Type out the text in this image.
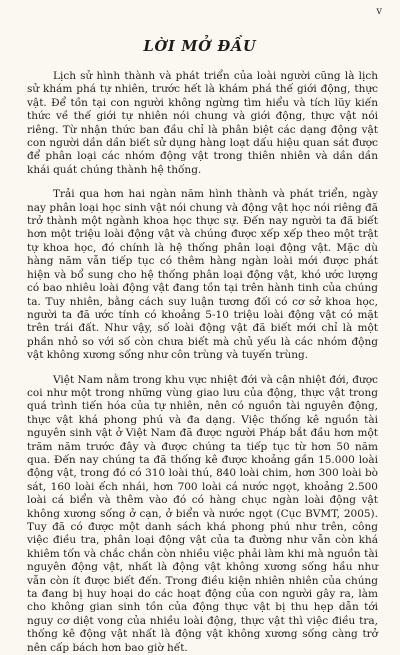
v
LỜI MỞ ĐẦU

Lịch sử hình thành và phát triển của loài người cũng là lịch sử khám phá tự nhiên, trước hết là khám phá thế giới động, thực vật. Để tồn tại con người không ngừng tìm hiểu và tích lũy kiến thức về thế giới tự nhiên nói chung và giới động, thực vật nói riêng. Từ nhận thức ban đầu chỉ là phân biệt các dạng động vật con người dần dần biết sử dụng hàng loạt dấu hiệu quan sát được để phân loại các nhóm động vật trong thiên nhiên và dần dần khái quát chúng thành hệ thống.

Trải qua hơn hai ngàn năm hình thành và phát triển, ngày nay phân loại học sinh vật nói chung và động vật học nói riêng đã trở thành một ngành khoa học thực sự. Đến nay người ta đã biết hơn một triệu loài động vật và chúng được xếp xếp theo một trật tự khoa học, đó chính là hệ thống phân loại động vật. Mặc dù hàng năm vẫn tiếp tục có thêm hàng ngàn loài mới được phát hiện và bổ sung cho hệ thống phân loại động vật, khó ước lượng có bao nhiêu loài động vật đang tồn tại trên hành tinh của chúng ta. Tuy nhiên, bằng cách suy luận tương đối có cơ sở khoa học, người ta đã ước tính có khoảng 5-10 triệu loài động vật có mặt trên trái đất. Như vậy, số loài động vật đã biết mới chỉ là một phần nhỏ so với số còn chưa biết mà chủ yếu là các nhóm động vật không xương sống như côn trùng và tuyến trùng.

Việt Nam nằm trong khu vực nhiệt đới và cận nhiệt đới, được coi như một trong những vùng giao lưu của động, thực vật trong quá trình tiến hóa của tự nhiên, nên có nguồn tài nguyên động, thực vật khá phong phú và đa dạng. Việc thống kê nguồn tài nguyên sinh vật ở Việt Nam đã được người Pháp bắt đầu hơn một trăm năm trước đây và được chúng ta tiếp tục từ hơn 50 năm qua. Đến nay chúng ta đã thống kê được khoảng gần 15.000 loài động vật, trong đó có 310 loài thú, 840 loài chim, hơn 300 loài bò sát, 160 loài ếch nhái, hơn 700 loài cá nước ngọt, khoảng 2.500 loài cá biển và thêm vào đó có hàng chục ngàn loài động vật không xương sống ở cạn, ở biển và nước ngọt (Cục BVMT, 2005). Tuy đã có được một danh sách khá phong phú như trên, công việc điều tra, phân loại động vật của ta đường như vẫn còn khá khiêm tốn và chắc chắn còn nhiều việc phải làm khi mà nguồn tài nguyên động vật, nhất là động vật không xương sống hầu như vẫn còn ít được biết đến. Trong điều kiện nhiên nhiên của chúng ta đang bị huy hoại do các hoạt động của con người gây ra, làm cho không gian sinh tồn của động thực vật bị thu hẹp dẫn tới nguy cơ diệt vong của nhiều loài động, thực vật thì việc điều tra, thống kê động vật nhất là động vật không xương sống càng trở nên cấp bách hơn bao giờ hết.
